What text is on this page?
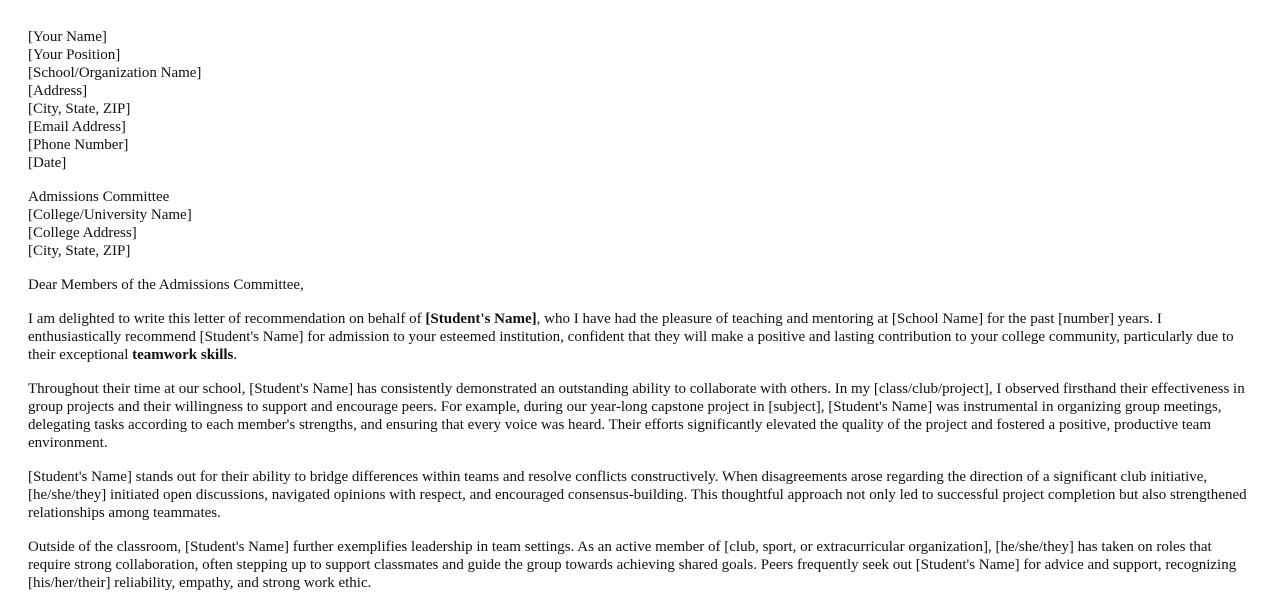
[Your Name]
[Your Position]
[School/Organization Name]
[Address]
[City, State, ZIP]
[Email Address]
[Phone Number]
[Date]
Admissions Committee
[College/University Name]
[College Address]
[City, State, ZIP]

Dear Members of the Admissions Committee,

I am delighted to write this letter of recommendation on behalf of [Student's Name], who I have had the pleasure of teaching and mentoring at [School Name] for the past [number] years. I enthusiastically recommend [Student's Name] for admission to your esteemed institution, confident that they will make a positive and lasting contribution to your college community, particularly due to their exceptional teamwork skills.

Throughout their time at our school, [Student's Name] has consistently demonstrated an outstanding ability to collaborate with others. In my [class/club/project], I observed firsthand their effectiveness in group projects and their willingness to support and encourage peers. For example, during our year-long capstone project in [subject], [Student's Name] was instrumental in organizing group meetings, delegating tasks according to each member's strengths, and ensuring that every voice was heard. Their efforts significantly elevated the quality of the project and fostered a positive, productive team environment.

[Student's Name] stands out for their ability to bridge differences within teams and resolve conflicts constructively. When disagreements arose regarding the direction of a significant club initiative, [he/she/they] initiated open discussions, navigated opinions with respect, and encouraged consensus-building. This thoughtful approach not only led to successful project completion but also strengthened relationships among teammates.

Outside of the classroom, [Student's Name] further exemplifies leadership in team settings. As an active member of [club, sport, or extracurricular organization], [he/she/they] has taken on roles that require strong collaboration, often stepping up to support classmates and guide the group towards achieving shared goals. Peers frequently seek out [Student's Name] for advice and support, recognizing [his/her/their] reliability, empathy, and strong work ethic.
